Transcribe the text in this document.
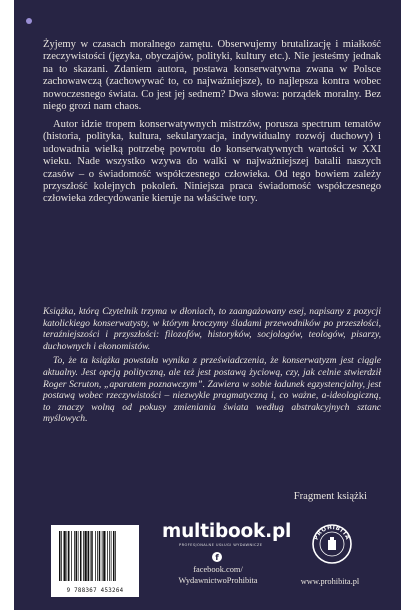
Żyjemy w czasach moralnego zamętu. Obserwujemy brutalizację i miałkość rzeczywistości (języka, obyczajów, polityki, kultury etc.). Nie jesteśmy jednak na to skazani. Zdaniem autora, postawa konserwatywna zwana w Polsce zachowawczą (zachowywać to, co najważniejsze), to najlepsza kontra wobec nowoczesnego świata. Co jest jej sednem? Dwa słowa: porządek moralny. Bez niego grozi nam chaos.

Autor idzie tropem konserwatywnych mistrzów, porusza spectrum tematów (historia, polityka, kultura, sekularyzacja, indywidualny rozwój duchowy) i udowadnia wielką potrzebę powrotu do konserwatywnych wartości w XXI wieku. Nade wszystko wzywa do walki w najważniejszej batalii naszych czasów – o świadomość współczesnego człowieka. Od tego bowiem zależy przyszłość kolejnych pokoleń. Niniejsza praca świadomość współczesnego człowieka zdecydowanie kieruje na właściwe tory.

Książka, którą Czytelnik trzyma w dłoniach, to zaangażowany esej, napisany z pozycji katolickiego konserwatysty, w którym kroczymy śladami przewodników po przeszłości, teraźniejszości i przyszłości: filozofów, historyków, socjologów, teologów, pisarzy, duchownych i ekonomistów.

To, że ta książka powstała wynika z przeświadczenia, że konserwatyzm jest ciągle aktualny. Jest opcją polityczną, ale też jest postawą życiową, czy, jak celnie stwierdził Roger Scruton, „aparatem poznawczym”. Zawiera w sobie ładunek egzystencjalny, jest postawą wobec rzeczywistości – niezwykle pragmatyczną i, co ważne, a-ideologiczną, to znaczy wolną od pokusy zmieniania świata według abstrakcyjnych sztanc myślowych.

Fragment książki
9 788367 453264
multibook.pl
PROFESJONALNE USŁUGI WYDAWNICZE
f
facebook.com/
WydawnictwoProhibita
PROHIBITA
www.prohibita.pl
